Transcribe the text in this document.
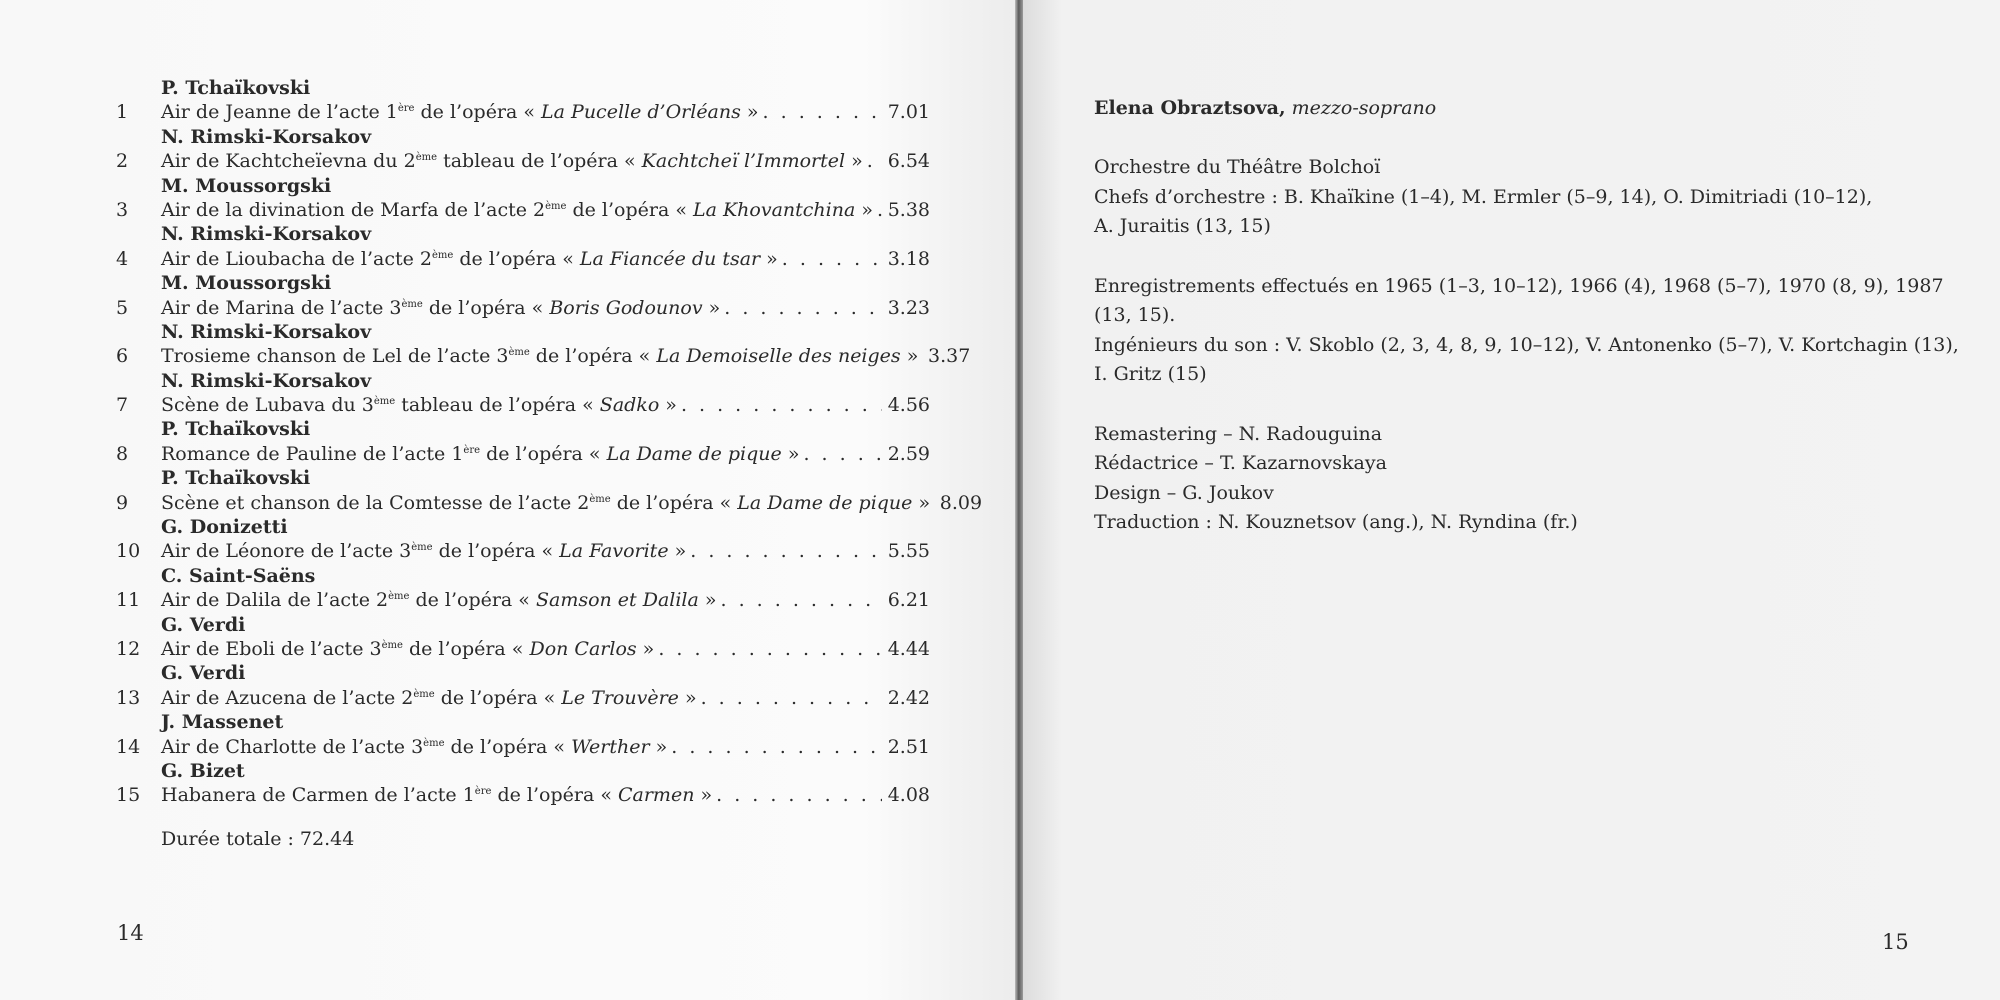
P. Tchaïkovski
1	Air de Jeanne de l’acte 1ère de l’opéra « La Pucelle d’Orléans » . . .	7.01
N. Rimski-Korsakov
2	Air de Kachtcheïevna du 2ème tableau de l’opéra « Kachtcheï l’Immortel » . . . 6.54
M. Moussorgski
3	Air de la divination de Marfa de l’acte 2ème de l’opéra « La Khovantchina » . . . 5.38
N. Rimski-Korsakov
4	Air de Lioubacha de l’acte 2ème de l’opéra « La Fiancée du tsar » . . .	3.18
M. Moussorgski
5	Air de Marina de l’acte 3ème de l’opéra « Boris Godounov » . . .	3.23
N. Rimski-Korsakov
6	Trosieme chanson de Lel de l’acte 3ème de l’opéra « La Demoiselle des neiges » 3.37
N. Rimski-Korsakov
7	Scène de Lubava du 3ème tableau de l’opéra « Sadko » . . .	4.56
P. Tchaïkovski
8	Romance de Pauline de l’acte 1ère de l’opéra « La Dame de pique » . . .	2.59
P. Tchaïkovski
9	Scène et chanson de la Comtesse de l’acte 2ème de l’opéra « La Dame de pique » 8.09
G. Donizetti
10	Air de Léonore de l’acte 3ème de l’opéra « La Favorite » . . .	5.55
C. Saint-Saëns
11	Air de Dalila de l’acte 2ème de l’opéra « Samson et Dalila » . . .	6.21
G. Verdi
12	Air de Eboli de l’acte 3ème de l’opéra « Don Carlos » . . .	4.44
G. Verdi
13	Air de Azucena de l’acte 2ème de l’opéra « Le Trouvère » . . .	2.42
J. Massenet
14	Air de Charlotte de l’acte 3ème de l’opéra « Werther » . . .	2.51
G. Bizet
15	Habanera de Carmen de l’acte 1ère de l’opéra « Carmen » . . .	4.08
Durée totale : 72.44
14

Elena Obraztsova, mezzo-soprano

Orchestre du Théâtre Bolchoï

Chefs d’orchestre : B. Khaïkine (1–4), M. Ermler (5–9, 14), O. Dimitriadi (10–12),

A. Juraitis (13, 15)

Enregistrements effectués en 1965 (1–3, 10–12), 1966 (4), 1968 (5–7), 1970 (8, 9), 1987 (13, 15).

Ingénieurs du son : V. Skoblo (2, 3, 4, 8, 9, 10–12), V. Antonenko (5–7), V. Kortchagin (13),

I. Gritz (15)

Remastering – N. Radouguina

Rédactrice – T. Kazarnovskaya

Design – G. Joukov

Traduction : N. Kouznetsov (ang.), N. Ryndina (fr.)

15
